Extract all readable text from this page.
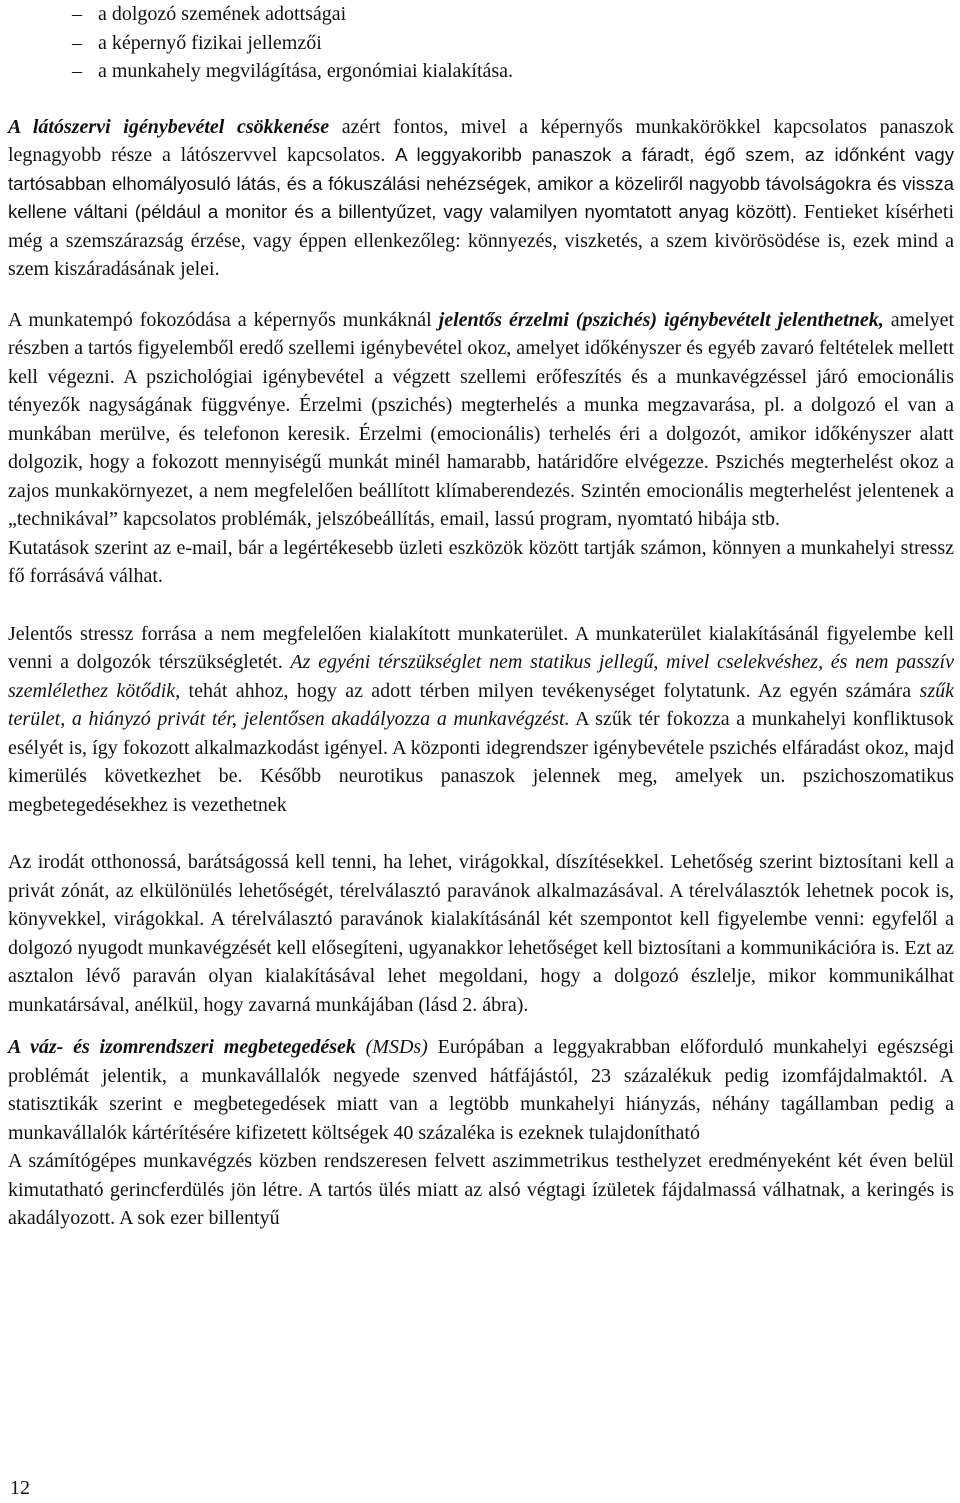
– a dolgozó szemének adottságai
– a képernyő fizikai jellemzői
– a munkahely megvilágítása, ergonómiai kialakítása.

A látószervi igénybevétel csökkenése azért fontos, mivel a képernyős munkakörökkel kapcsolatos panaszok legnagyobb része a látószervvel kapcsolatos. A leggyakoribb panaszok a fáradt, égő szem, az időnként vagy tartósabban elhomályosuló látás, és a fókuszálási nehézségek, amikor a közeliről nagyobb távolságokra és vissza kellene váltani (például a monitor és a billentyűzet, vagy valamilyen nyomtatott anyag között). Fentieket kísérheti még a szemszárazság érzése, vagy éppen ellenkezőleg: könnyezés, viszketés, a szem kivörösödése is, ezek mind a szem kiszáradásának jelei.

A munkatempó fokozódása a képernyős munkáknál jelentős érzelmi (pszichés) igénybevételt jelenthetnek, amelyet részben a tartós figyelemből eredő szellemi igénybevétel okoz, amelyet időkényszer és egyéb zavaró feltételek mellett kell végezni. A pszichológiai igénybevétel a végzett szellemi erőfeszítés és a munkavégzéssel járó emocionális tényezők nagyságának függvénye. Érzelmi (pszichés) megterhelés a munka megzavarása, pl. a dolgozó el van a munkában merülve, és telefonon keresik. Érzelmi (emocionális) terhelés éri a dolgozót, amikor időkényszer alatt dolgozik, hogy a fokozott mennyiségű munkát minél hamarabb, határidőre elvégezze. Pszichés megterhelést okoz a zajos munkakörnyezet, a nem megfelelően beállított klímaberendezés. Szintén emocionális megterhelést jelentenek a „technikával” kapcsolatos problémák, jelszóbeállítás, email, lassú program, nyomtató hibája stb.

Kutatások szerint az e-mail, bár a legértékesebb üzleti eszközök között tartják számon, könnyen a munkahelyi stressz fő forrásává válhat.

Jelentős stressz forrása a nem megfelelően kialakított munkaterület. A munkaterület kialakításánál figyelembe kell venni a dolgozók térszükségletét. Az egyéni térszükséglet nem statikus jellegű, mivel cselekvéshez, és nem passzív szemlélethez kötődik, tehát ahhoz, hogy az adott térben milyen tevékenységet folytatunk. Az egyén számára szűk terület, a hiányzó privát tér, jelentősen akadályozza a munkavégzést. A szűk tér fokozza a munkahelyi konfliktusok esélyét is, így fokozott alkalmazkodást igényel. A központi idegrendszer igénybevétele pszichés elfáradást okoz, majd kimerülés következhet be. Később neurotikus panaszok jelennek meg, amelyek un. pszichoszomatikus megbetegedésekhez is vezethetnek

Az irodát otthonossá, barátságossá kell tenni, ha lehet, virágokkal, díszítésekkel. Lehetőség szerint biztosítani kell a privát zónát, az elkülönülés lehetőségét, térelválasztó paravánok alkalmazásával. A térelválasztók lehetnek pocok is, könyvekkel, virágokkal. A térelválasztó paravánok kialakításánál két szempontot kell figyelembe venni: egyfelől a dolgozó nyugodt munkavégzését kell elősegíteni, ugyanakkor lehetőséget kell biztosítani a kommunikációra is. Ezt az asztalon lévő paraván olyan kialakításával lehet megoldani, hogy a dolgozó észlelje, mikor kommunikálhat munkatársával, anélkül, hogy zavarná munkájában (lásd 2. ábra).

A váz- és izomrendszeri megbetegedések (MSDs) Európában a leggyakrabban előforduló munkahelyi egészségi problémát jelentik, a munkavállalók negyede szenved hátfájástól, 23 százalékuk pedig izomfájdalmaktól. A statisztikák szerint e megbetegedések miatt van a legtöbb munkahelyi hiányzás, néhány tagállamban pedig a munkavállalók kártérítésére kifizetett költségek 40 százaléka is ezeknek tulajdonítható

A számítógépes munkavégzés közben rendszeresen felvett aszimmetrikus testhelyzet eredményeként két éven belül kimutatható gerincferdülés jön létre. A tartós ülés miatt az alsó végtagi ízületek fájdalmassá válhatnak, a keringés is akadályozott. A sok ezer billentyű

12
